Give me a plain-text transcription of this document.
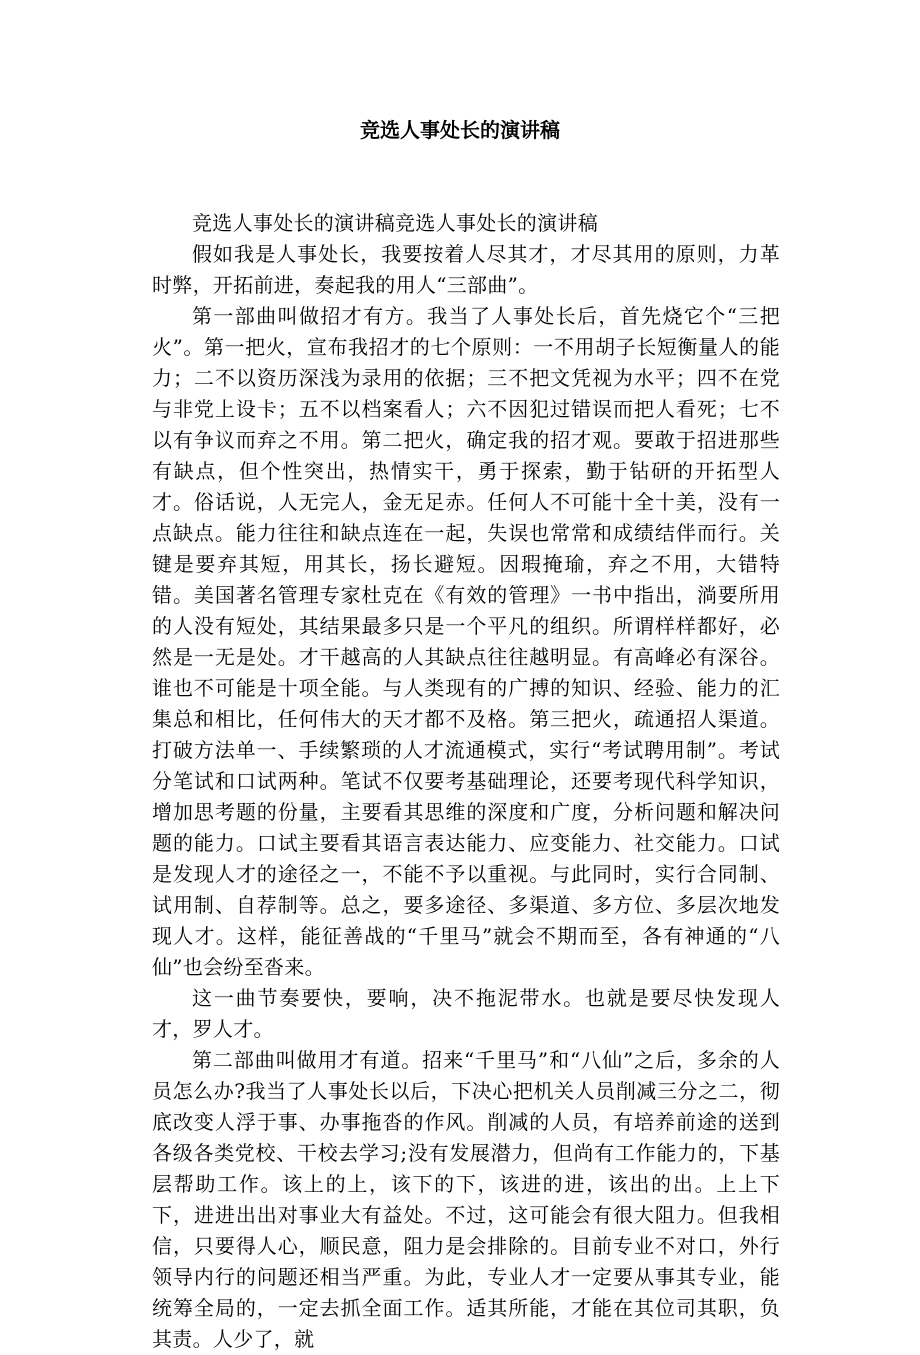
竞选人事处长的演讲稿

竞选人事处长的演讲稿竞选人事处长的演讲稿

假如我是人事处长，我要按着人尽其才，才尽其用的原则，力革时弊，开拓前进，奏起我的用人“三部曲”。

第一部曲叫做招才有方。我当了人事处长后，首先烧它个“三把火”。第一把火，宣布我招才的七个原则：一不用胡子长短衡量人的能力；二不以资历深浅为录用的依据；三不把文凭视为水平；四不在党与非党上设卡；五不以档案看人；六不因犯过错误而把人看死；七不以有争议而弃之不用。第二把火，确定我的招才观。要敢于招进那些有缺点，但个性突出，热情实干，勇于探索，勤于钻研的开拓型人才。俗话说，人无完人，金无足赤。任何人不可能十全十美，没有一点缺点。能力往往和缺点连在一起，失误也常常和成绩结伴而行。关键是要弃其短，用其长，扬长避短。因瑕掩瑜，弃之不用，大错特错。美国著名管理专家杜克在《有效的管理》一书中指出，淌要所用的人没有短处，其结果最多只是一个平凡的组织。所谓样样都好，必然是一无是处。才干越高的人其缺点往往越明显。有高峰必有深谷。谁也不可能是十项全能。与人类现有的广搏的知识、经验、能力的汇集总和相比，任何伟大的天才都不及格。第三把火，疏通招人渠道。打破方法单一、手续繁琐的人才流通模式，实行“考试聘用制”。考试分笔试和口试两种。笔试不仅要考基础理论，还要考现代科学知识，增加思考题的份量，主要看其思维的深度和广度，分析问题和解决问题的能力。口试主要看其语言表达能力、应变能力、社交能力。口试是发现人才的途径之一，不能不予以重视。与此同时，实行合同制、试用制、自荐制等。总之，要多途径、多渠道、多方位、多层次地发现人才。这样，能征善战的“千里马”就会不期而至，各有神通的“八仙”也会纷至沓来。

这一曲节奏要快，要响，决不拖泥带水。也就是要尽快发现人才，罗人才。

第二部曲叫做用才有道。招来“千里马”和“八仙”之后，多余的人员怎么办?我当了人事处长以后，下决心把机关人员削减三分之二，彻底改变人浮于事、办事拖沓的作风。削减的人员，有培养前途的送到各级各类党校、干校去学习;没有发展潜力，但尚有工作能力的，下基层帮助工作。该上的上，该下的下，该进的进，该出的出。上上下下，进进出出对事业大有益处。不过，这可能会有很大阻力。但我相信，只要得人心，顺民意，阻力是会排除的。目前专业不对口，外行领导内行的问题还相当严重。为此，专业人才一定要从事其专业，能统筹全局的，一定去抓全面工作。适其所能，才能在其位司其职，负其责。人少了，就
